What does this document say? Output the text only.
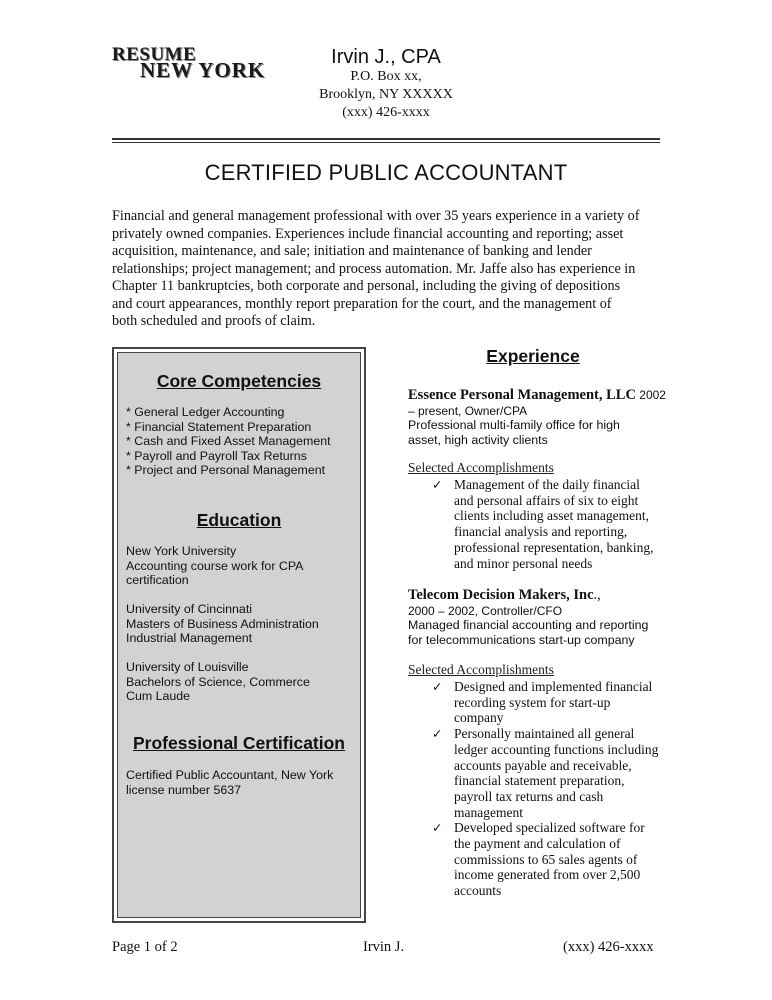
RESUME
NEW YORK
Irvin J., CPA
P.O. Box xx,
Brooklyn, NY XXXXX
(xxx) 426-xxxx
CERTIFIED PUBLIC ACCOUNTANT
Financial and general management professional with over 35 years experience in a variety of
privately owned companies. Experiences include financial accounting and reporting; asset
acquisition, maintenance, and sale; initiation and maintenance of banking and lender
relationships; project management; and process automation. Mr. Jaffe also has experience in
Chapter 11 bankruptcies, both corporate and personal, including the giving of depositions
and court appearances, monthly report preparation for the court, and the management of
both scheduled and proofs of claim.
Core Competencies
* General Ledger Accounting
* Financial Statement Preparation
* Cash and Fixed Asset Management
* Payroll and Payroll Tax Returns
* Project and Personal Management
Education
New York University
Accounting course work for CPA
certification
University of Cincinnati
Masters of Business Administration
Industrial Management
University of Louisville
Bachelors of Science, Commerce
Cum Laude
Professional Certification
Certified Public Accountant, New York
license number 5637
Experience
Essence Personal Management, LLC 2002
– present, Owner/CPA
Professional multi-family office for high
asset, high activity clients
Selected Accomplishments
✓ Management of the daily financial
and personal affairs of six to eight
clients including asset management,
financial analysis and reporting,
professional representation, banking,
and minor personal needs
Telecom Decision Makers, Inc.,
2000 – 2002, Controller/CFO
Managed financial accounting and reporting
for telecommunications start-up company
Selected Accomplishments
✓ Designed and implemented financial
recording system for start-up
company
✓ Personally maintained all general
ledger accounting functions including
accounts payable and receivable,
financial statement preparation,
payroll tax returns and cash
management
✓ Developed specialized software for
the payment and calculation of
commissions to 65 sales agents of
income generated from over 2,500
accounts
Page 1 of 2	Irvin J.	(xxx) 426-xxxx
